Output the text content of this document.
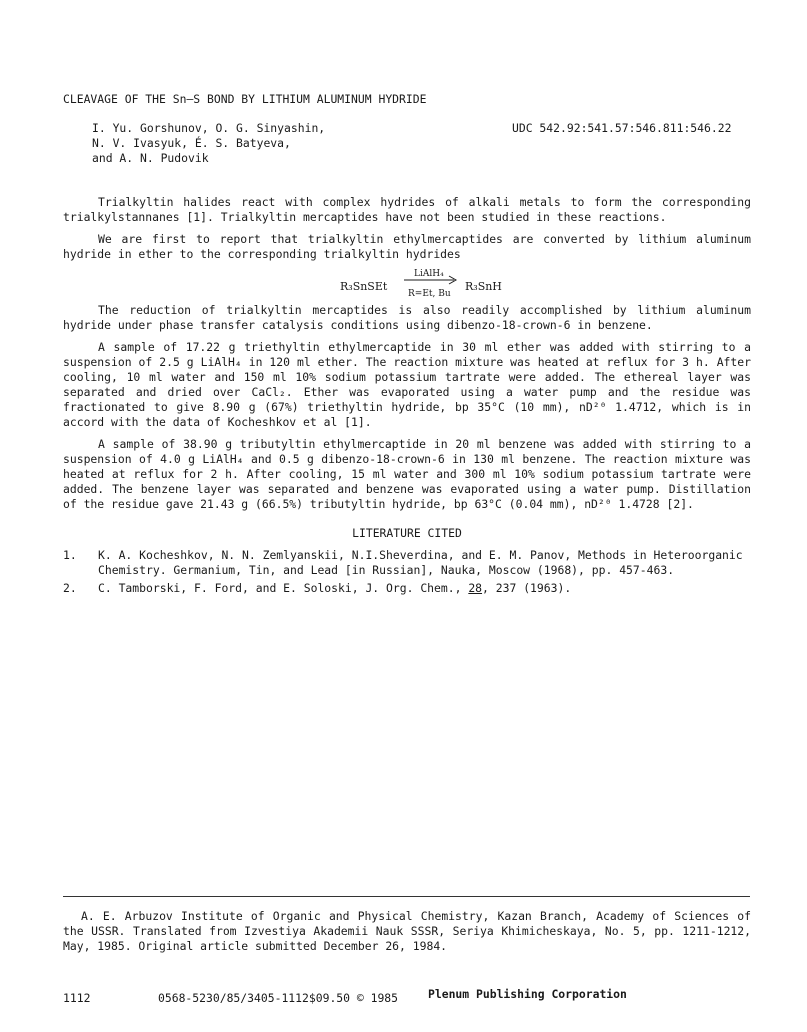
CLEAVAGE OF THE Sn—S BOND BY LITHIUM ALUMINUM HYDRIDE
I. Yu. Gorshunov, O. G. Sinyashin,
N. V. Ivasyuk, É. S. Batyeva,
and A. N. Pudovik
UDC 542.92:541.57:546.811:546.22

Trialkyltin halides react with complex hydrides of alkali metals to form the corresponding trialkylstannanes [1]. Trialkyltin mercaptides have not been studied in these reactions.

We are first to report that trialkyltin ethylmercaptides are converted by lithium aluminum hydride in ether to the corresponding trialkyltin hydrides

R₃SnSEt
LiAlH₄
R=Et, Bu
R₃SnH

The reduction of trialkyltin mercaptides is also readily accomplished by lithium aluminum hydride under phase transfer catalysis conditions using dibenzo-18-crown-6 in benzene.

A sample of 17.22 g triethyltin ethylmercaptide in 30 ml ether was added with stirring to a suspension of 2.5 g LiAlH₄ in 120 ml ether. The reaction mixture was heated at reflux for 3 h. After cooling, 10 ml water and 150 ml 10% sodium potassium tartrate were added. The ethereal layer was separated and dried over CaCl₂. Ether was evaporated using a water pump and the residue was fractionated to give 8.90 g (67%) triethyltin hydride, bp 35°C (10 mm), nD²⁰ 1.4712, which is in accord with the data of Kocheshkov et al [1].

A sample of 38.90 g tributyltin ethylmercaptide in 20 ml benzene was added with stirring to a suspension of 4.0 g LiAlH₄ and 0.5 g dibenzo-18-crown-6 in 130 ml benzene. The reaction mixture was heated at reflux for 2 h. After cooling, 15 ml water and 300 ml 10% sodium potassium tartrate were added. The benzene layer was separated and benzene was evaporated using a water pump. Distillation of the residue gave 21.43 g (66.5%) tributyltin hydride, bp 63°C (0.04 mm), nD²⁰ 1.4728 [2].

LITERATURE CITED
1. K. A. Kocheshkov, N. N. Zemlyanskii, N.I.Sheverdina, and E. M. Panov, Methods in Heteroorganic Chemistry. Germanium, Tin, and Lead [in Russian], Nauka, Moscow (1968), pp. 457-463.
2. C. Tamborski, F. Ford, and E. Soloski, J. Org. Chem., 28, 237 (1963).
A. E. Arbuzov Institute of Organic and Physical Chemistry, Kazan Branch, Academy of Sciences of the USSR. Translated from Izvestiya Akademii Nauk SSSR, Seriya Khimicheskaya, No. 5, pp. 1211-1212, May, 1985. Original article submitted December 26, 1984.
1112	0568-5230/85/3405-1112$09.50 © 1985	Plenum Publishing Corporation
